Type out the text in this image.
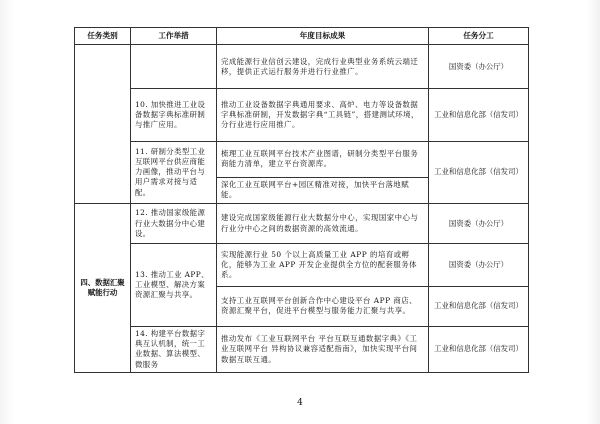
任务类别	工作举措	年度目标成果	任务分工
		完成能源行业信创云建设，完成行业典型业务系统云端迁移，提供正式运行服务并进行行业推广。	国资委（办公厅）
	10. 加快推进工业设备数据字典标准研制与推广应用。	推动工业设备数据字典通用要求、高炉、电力等设备数据字典标准研制，开发数据字典“工具链”，搭建测试环境，分行业进行应用推广。	工业和信息化部（信发司）
	11. 研制分类型工业互联网平台供应商能力画像，推动平台与用户需求对接与适配。	梳理工业互联网平台技术产业图谱，研制分类型平台服务商能力清单，建立平台资源库。	工业和信息化部（信发司）
		深化工业互联网平台+园区精准对接，加快平台落地赋能。	
四、数据汇聚赋能行动	12. 推动国家级能源行业大数据分中心建设。	建设完成国家级能源行业大数据分中心，实现国家中心与行业分中心之间的数据资源的高效流通。	国资委（办公厅）
	13. 推动工业 APP、工业模型、解决方案资源汇聚与共享。	实现能源行业 50 个以上高质量工业 APP 的培育或孵化，能够为工业 APP 开发企业提供全方位的配套服务体系。	国资委（办公厅）
		支持工业互联网平台创新合作中心建设平台 APP 商店、资源汇聚平台，促进平台模型与服务能力汇聚与共享。	工业和信息化部（信发司）
	14. 构建平台数据字典互认机制，统一工业数据、算法模型、微服务	推动发布《工业互联网平台 平台互联互通数据字典》《工业互联网平台 异构协议兼容适配指南》，加快实现平台间数据互联互通。	工业和信息化部（信发司）
4
